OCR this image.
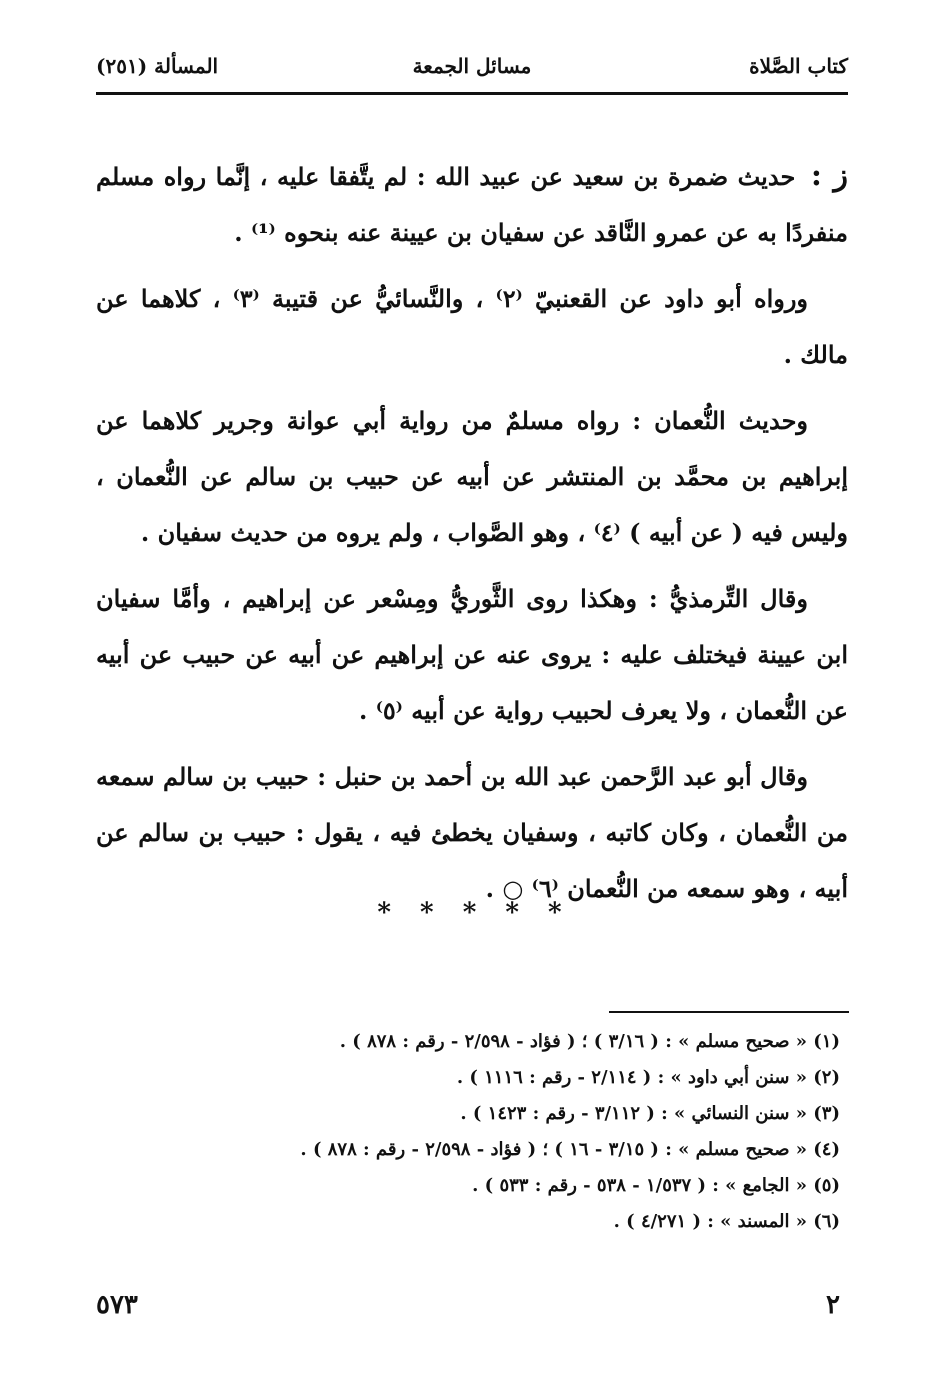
كتاب الصَّلاة
مسائل الجمعة
المسألة (٢٥١)

ز : حديث ضمرة بن سعيد عن عبيد الله : لم يتَّفقا عليه ، إنَّما رواه مسلم منفردًا به عن عمرو النَّاقد عن سفيان بن عيينة عنه بنحوه ⁽¹⁾ .

ورواه أبو داود عن القعنبيّ ⁽٢⁾ ، والنَّسائيُّ عن قتيبة ⁽٣⁾ ، كلاهما عن مالك .

وحديث النُّعمان : رواه مسلمٌ من رواية أبي عوانة وجرير كلاهما عن إبراهيم بن محمَّد بن المنتشر عن أبيه عن حبيب بن سالم عن النُّعمان ، وليس فيه ( عن أبيه ) ⁽٤⁾ ، وهو الصَّواب ، ولم يروه من حديث سفيان .

وقال التِّرمذيُّ : وهكذا روى الثَّوريُّ ومِسْعر عن إبراهيم ، وأمَّا سفيان ابن عيينة فيختلف عليه : يروى عنه عن إبراهيم عن أبيه عن حبيب عن أبيه عن النُّعمان ، ولا يعرف لحبيب رواية عن أبيه ⁽٥⁾ .

وقال أبو عبد الرَّحمن عبد الله بن أحمد بن حنبل : حبيب بن سالم سمعه من النُّعمان ، وكان كاتبه ، وسفيان يخطئ فيه ، يقول : حبيب بن سالم عن أبيه ، وهو سمعه من النُّعمان ⁽٦⁾ ○ .

* * * * *
(١) « صحيح مسلم » : ( ٣/١٦ ) ؛ ( فؤاد - ٢/٥٩٨ - رقم : ٨٧٨ ) .
(٢) « سنن أبي داود » : ( ٢/١١٤ - رقم : ١١١٦ ) .
(٣) « سنن النسائي » : ( ٣/١١٢ - رقم : ١٤٢٣ ) .
(٤) « صحيح مسلم » : ( ٣/١٥ - ١٦ ) ؛ ( فؤاد - ٢/٥٩٨ - رقم : ٨٧٨ ) .
(٥) « الجامع » : ( ١/٥٣٧ - ٥٣٨ - رقم : ٥٣٣ ) .
(٦) « المسند » : ( ٤/٢٧١ ) .
٢
٥٧٣
